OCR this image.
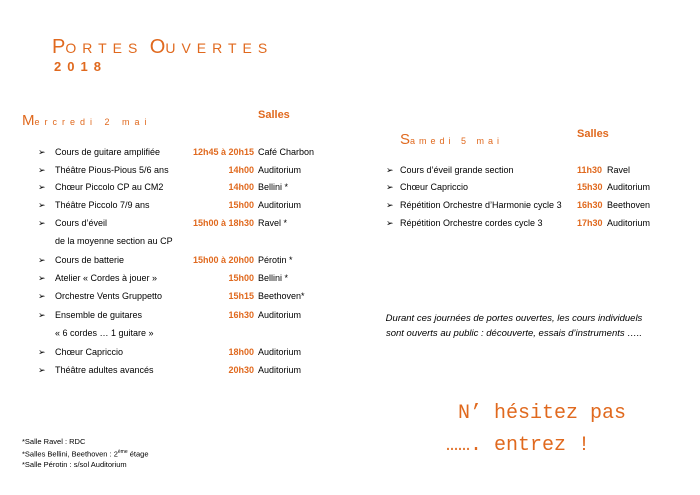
PORTES OUVERTES
2018
Mercredi 2 mai
Salles
➢ Cours de guitare amplifiée	12h45 à 20h15 Café Charbon
➢ Théâtre Pious-Pious 5/6 ans	14h00 Auditorium
➢ Chœur Piccolo CP au CM2	14h00 Bellini *
➢ Théâtre Piccolo 7/9 ans	15h00 Auditorium
➢ Cours d’éveil	15h00 à 18h30 Ravel *
de la moyenne section au CP
➢ Cours de batterie	15h00 à 20h00 Pérotin *
➢ Atelier « Cordes à jouer »	15h00 Bellini *
➢ Orchestre Vents Gruppetto	15h15 Beethoven*
➢ Ensemble de guitares	16h30 Auditorium
« 6 cordes … 1 guitare »
➢ Chœur Capriccio	18h00 Auditorium
➢ Théâtre adultes avancés	20h30 Auditorium
Samedi 5 mai
Salles
➢ Cours d’éveil grande section	11h30 Ravel
➢ Chœur Capriccio	15h30 Auditorium
➢ Répétition Orchestre d’Harmonie cycle 3 16h30 Beethoven
➢ Répétition Orchestre cordes cycle 3	17h30 Auditorium
Durant ces journées de portes ouvertes, les cours individuels
sont ouverts au public : découverte, essais d’instruments …..
N’ hésitez pas
……. entrez !
*Salle Ravel : RDC
*Salles Bellini, Beethoven : 2ème étage
*Salle Pérotin : s/sol Auditorium
